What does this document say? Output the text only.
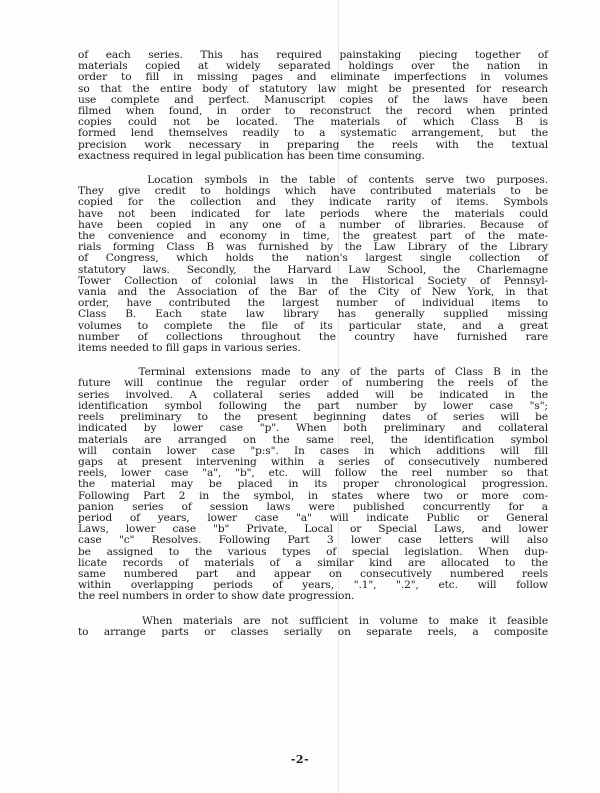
of each series. This has required painstaking piecing together of
materials copied at widely separated holdings over the nation in
order to fill in missing pages and eliminate imperfections in volumes
so that the entire body of statutory law might be presented for research
use complete and perfect. Manuscript copies of the laws have been
filmed when found, in order to reconstruct the record when printed
copies could not be located. The materials of which Class B is
formed lend themselves readily to a systematic arrangement, but the
precision work necessary in preparing the reels with the textual
exactness required in legal publication has been time consuming.
Location symbols in the table of contents serve two purposes.
They give credit to holdings which have contributed materials to be
copied for the collection and they indicate rarity of items. Symbols
have not been indicated for late periods where the materials could
have been copied in any one of a number of libraries. Because of
the convenience and economy in time, the greatest part of the mate-
rials forming Class B was furnished by the Law Library of the Library
of Congress, which holds the nation's largest single collection of
statutory laws. Secondly, the Harvard Law School, the Charlemagne
Tower Collection of colonial laws in the Historical Society of Pennsyl-
vania and the Association of the Bar of the City of New York, in that
order, have contributed the largest number of individual items to
Class B. Each state law library has generally supplied missing
volumes to complete the file of its particular state, and a great
number of collections throughout the country have furnished rare
items needed to fill gaps in various series.
Terminal extensions made to any of the parts of Class B in the
future will continue the regular order of numbering the reels of the
series involved. A collateral series added will be indicated in the
identification symbol following the part number by lower case "s";
reels preliminary to the present beginning dates of series will be
indicated by lower case "p". When both preliminary and collateral
materials are arranged on the same reel, the identification symbol
will contain lower case "p:s". In cases in which additions will fill
gaps at present intervening within a series of consecutively numbered
reels, lower case "a", "b", etc. will follow the reel number so that
the material may be placed in its proper chronological progression.
Following Part 2 in the symbol, in states where two or more com-
panion series of session laws were published concurrently for a
period of years, lower case "a" will indicate Public or General
Laws, lower case "b" Private, Local or Special Laws, and lower
case "c" Resolves. Following Part 3 lower case letters will also
be assigned to the various types of special legislation. When dup-
licate records of materials of a similar kind are allocated to the
same numbered part and appear on consecutively numbered reels
within overlapping periods of years, ".1", ".2", etc. will follow
the reel numbers in order to show date progression.
When materials are not sufficient in volume to make it feasible
to arrange parts or classes serially on separate reels, a composite
-2-
